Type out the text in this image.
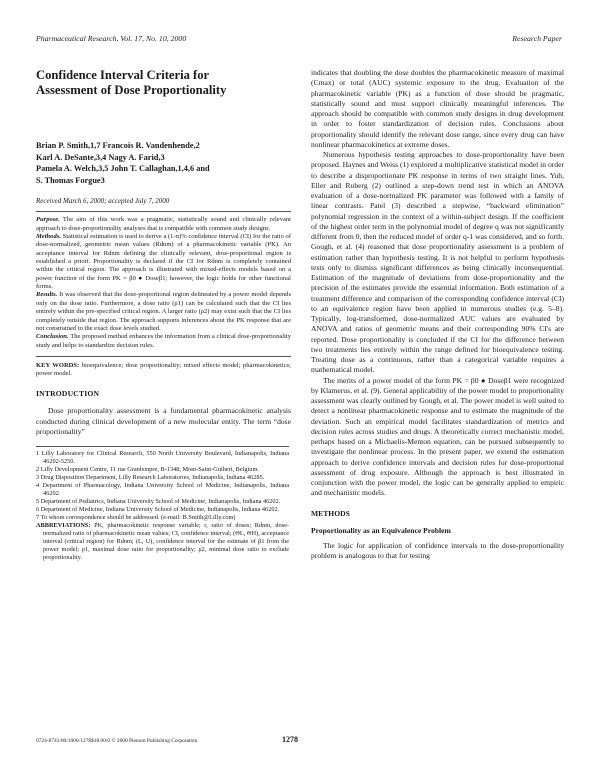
Pharmaceutical Research, Vol. 17, No. 10, 2000	Research Paper
Confidence Interval Criteria for
Assessment of Dose Proportionality
Brian P. Smith,1,7 Francois R. Vandenhende,2
Karl A. DeSante,3,4 Nagy A. Farid,3
Pamela A. Welch,3,5 John T. Callaghan,1,4,6 and
S. Thomas Forgue3
Received March 6, 2000; accepted July 7, 2000

Purpose. The aim of this work was a pragmatic, statistically sound and clinically relevant approach to dose-proportionality analyses that is compatible with common study designs.

Methods. Statistical estimation is used to derive a (1-α)% confidence interval (CI) for the ratio of dose-normalized, geometric mean values (Rdnm) of a pharmacokinetic variable (PK). An acceptance interval for Rdnm defining the clinically relevant, dose-proportional region is established a priori. Proportionality is declared if the CI for Rdnm is completely contained within the critical region. The approach is illustrated with mixed-effects models based on a power function of the form PK = β0 ● Doseβ1; however, the logic holds for other functional forms.

Results. It was observed that the dose-proportional region delineated by a power model depends only on the dose ratio. Furthermore, a dose ratio (ρ1) can be calculated such that the CI lies entirely within the pre-specified critical region. A larger ratio (ρ2) may exist such that the CI lies completely outside that region. The approach supports inferences about the PK response that are not constrained to the exact dose levels studied.

Conclusion. The proposed method enhances the information from a clinical dose-proportionality study and helps to standardize decision rules.

KEY WORDS: bioequivalence; dose proportionality; mixed effects model; pharmacokinetics; power model.
INTRODUCTION

Dose proportionality assessment is a fundamental pharmacokinetic analysis conducted during clinical development of a new molecular entity. The term “dose proportionality”

1 Lilly Laboratory for Clinical Research, 550 North University Boulevard, Indianapolis, Indiana 46202-5250.
2 Lilly Development Centre, 11 rue Granbonpre, B-1348, Mont-Saint-Guibert, Belgium.
3 Drug Disposition Department, Lilly Research Laboratories, Indianapolis, Indiana 46285.
4 Department of Pharmacology, Indiana University School of Medicine, Indianapolis, Indiana 46202.
5 Department of Pediatrics, Indiana University School of Medicine, Indianapolis, Indiana 46202.
6 Department of Medicine, Indiana University School of Medicine, Indianapolis, Indiana 46202.
7 To whom correspondence should be addressed. (e-mail: B.Smith@Lilly.com)
ABBREVIATIONS: PK, pharmacokinetic response variable; r, ratio of doses; Rdnm, dose-normalized ratio of pharmacokinetic mean values; CI, confidence interval; (ΘL, ΘH), acceptance interval (critical region) for Rdnm; (L, U), confidence interval for the estimate of β1 from the power model; ρ1, maximal dose ratio for proportionality; ρ2, minimal dose ratio to exclude proportionality.

indicates that doubling the dose doubles the pharmacokinetic measure of maximal (Cmax) or total (AUC) systemic exposure to the drug. Evaluation of the pharmacokinetic variable (PK) as a function of dose should be pragmatic, statistically sound and must support clinically meaningful inferences. The approach should be compatible with common study designs in drug development in order to foster standardization of decision rules. Conclusions about proportionality should identify the relevant dose range, since every drug can have nonlinear pharmacokinetics at extreme doses.

Numerous hypothesis testing approaches to dose-proportionality have been proposed. Haynes and Weiss (1) explored a multiplicative statistical model in order to describe a disproportionate PK response in terms of two straight lines. Yuh, Eller and Ruberg (2) outlined a step-down trend test in which an ANOVA evaluation of a dose-normalized PK parameter was followed with a family of linear contrasts. Patel (3) described a stepwise, “backward elimination” polynomial regression in the context of a within-subject design. If the coefficient of the highest order term in the polynomial model of degree q was not significantly different from 0, then the reduced model of order q-1 was considered, and so forth. Gough, et al. (4) reasoned that dose proportionality assessment is a problem of estimation rather than hypothesis testing. It is not helpful to perform hypothesis tests only to dismiss significant differences as being clinically inconsequential. Estimation of the magnitude of deviations from dose-proportionality and the precision of the estimates provide the essential information. Both estimation of a treatment difference and comparison of the corresponding confidence interval (CI) to an equivalence region have been applied in numerous studies (e.g. 5–8). Typically, log-transformed, dose-normalized AUC values are evaluated by ANOVA and ratios of geometric means and their corresponding 90% CI's are reported. Dose proportionality is concluded if the CI for the difference between two treatments lies entirely within the range defined for bioequivalence testing. Treating dose as a continuous, rather than a categorical variable requires a mathematical model.

The merits of a power model of the form PK = β0 ● Doseβ1 were recognized by Klamerus, et al. (9). General applicability of the power model to proportionality assessment was clearly outlined by Gough, et al. The power model is well suited to detect a nonlinear pharmacokinetic response and to estimate the magnitude of the deviation. Such an empirical model facilitates standardization of metrics and decision rules across studies and drugs. A theoretically correct mechanistic model, perhaps based on a Michaelis-Menton equation, can be pursued subsequently to investigate the nonlinear process. In the present paper, we extend the estimation approach to derive confidence intervals and decision rules for dose-proportional assessment of drug exposure. Although the approach is best illustrated in conjunction with the power model, the logic can be generally applied to empiric and mechanistic models.

METHODS
Proportionality as an Equivalence Problem

The logic for application of confidence intervals to the dose-proportionality problem is analogous to that for testing

0724-8741/00/1000-1278$18.00/0 © 2000 Plenum Publishing Corporation	1278
